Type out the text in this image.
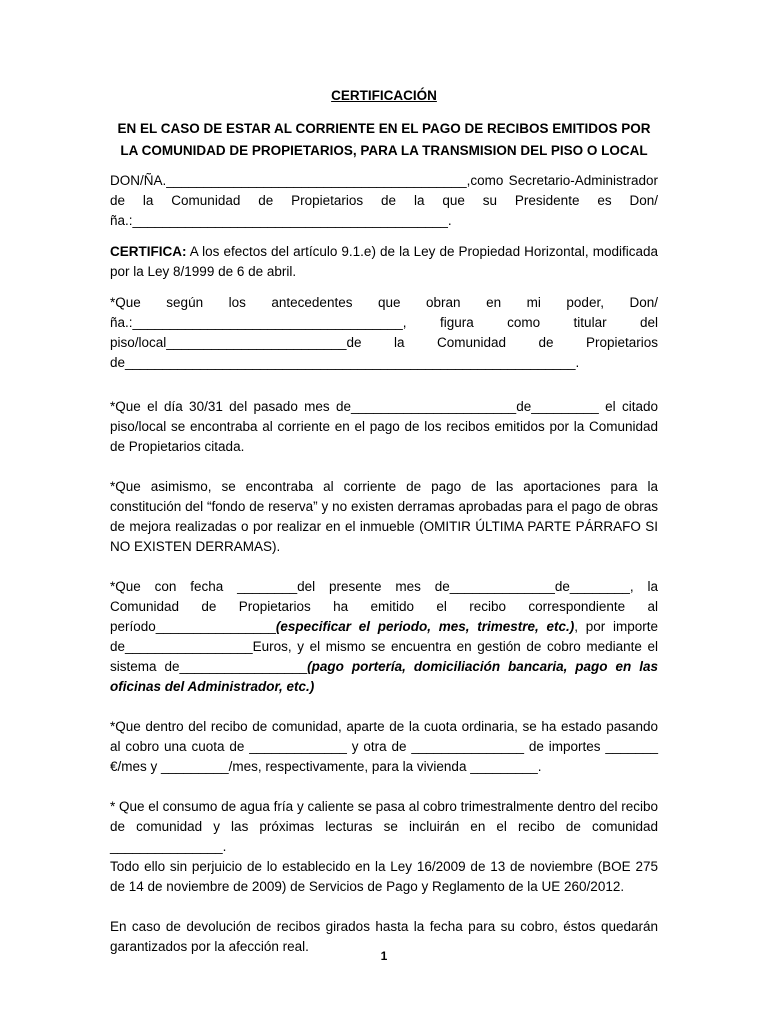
CERTIFICACIÓN
EN EL CASO DE ESTAR AL CORRIENTE EN EL PAGO DE RECIBOS EMITIDOS POR LA COMUNIDAD DE PROPIETARIOS, PARA LA TRANSMISION DEL PISO O LOCAL

DON/ÑA.________________________________________,como Secretario-Administrador de la Comunidad de Propietarios de la que su Presidente es Don/ña.:__________________________________________.

CERTIFICA: A los efectos del artículo 9.1.e) de la Ley de Propiedad Horizontal, modificada por la Ley 8/1999 de 6 de abril.

*Que según los antecedentes que obran en mi poder, Don/ña.:____________________________________, figura como titular del piso/local________________________de la Comunidad de Propietarios de____________________________________________________________.

*Que el día 30/31 del pasado mes de______________________de_________ el citado piso/local se encontraba al corriente en el pago de los recibos emitidos por la Comunidad de Propietarios citada.

*Que asimismo, se encontraba al corriente de pago de las aportaciones para la constitución del “fondo de reserva” y no existen derramas aprobadas para el pago de obras de mejora realizadas o por realizar en el inmueble (OMITIR ÚLTIMA PARTE PÁRRAFO SI NO EXISTEN DERRAMAS).

*Que con fecha ________del presente mes de______________de________, la Comunidad de Propietarios ha emitido el recibo correspondiente al período________________(especificar el periodo, mes, trimestre, etc.), por importe de_________________Euros, y el mismo se encuentra en gestión de cobro mediante el sistema de_________________(pago portería, domiciliación bancaria, pago en las oficinas del Administrador, etc.)

*Que dentro del recibo de comunidad, aparte de la cuota ordinaria, se ha estado pasando al cobro una cuota de _____________ y otra de _______________ de importes _______ €/mes y _________/mes, respectivamente, para la vivienda _________.

* Que el consumo de agua fría y caliente se pasa al cobro trimestralmente dentro del recibo de comunidad y las próximas lecturas se incluirán en el recibo de comunidad _______________.

Todo ello sin perjuicio de lo establecido en la Ley 16/2009 de 13 de noviembre (BOE 275 de 14 de noviembre de 2009) de Servicios de Pago y Reglamento de la UE 260/2012.

En caso de devolución de recibos girados hasta la fecha para su cobro, éstos quedarán garantizados por la afección real.

1
